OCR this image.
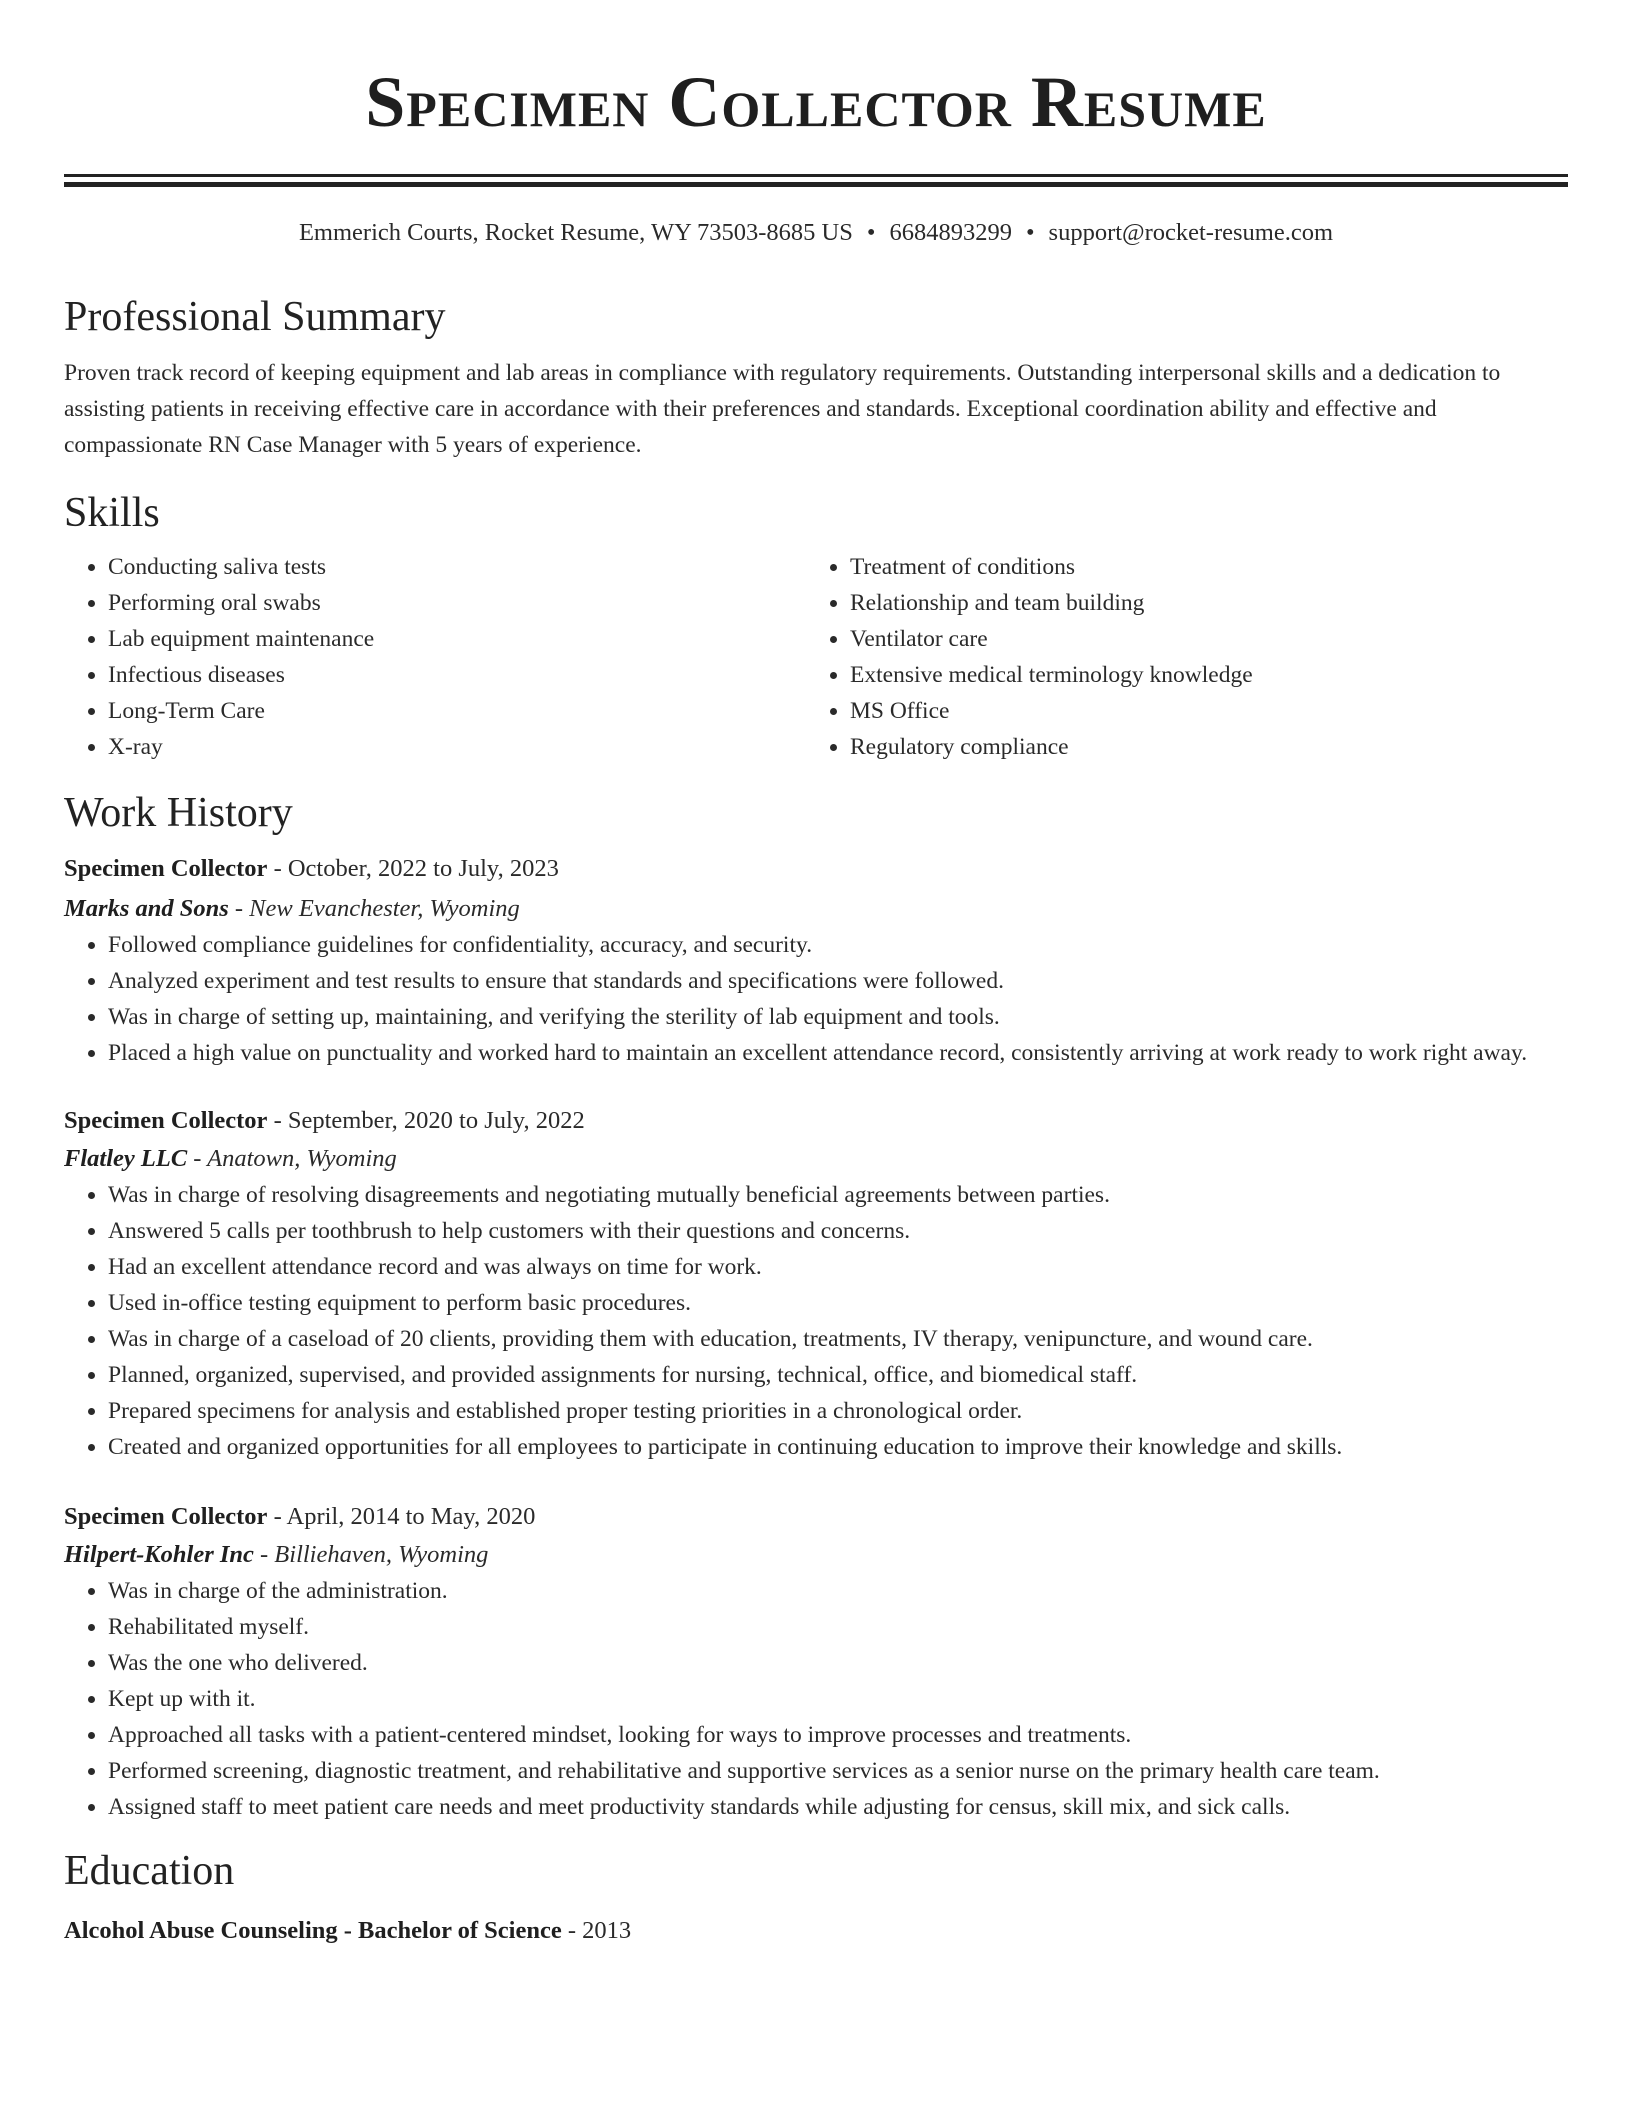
Specimen Collector Resume
Emmerich Courts, Rocket Resume, WY 73503-8685 US • 6684893299 • support@rocket-resume.com
Professional Summary

Proven track record of keeping equipment and lab areas in compliance with regulatory requirements. Outstanding interpersonal skills and a dedication to assisting patients in receiving effective care in accordance with their preferences and standards. Exceptional coordination ability and effective and compassionate RN Case Manager with 5 years of experience.

Skills
• Conducting saliva tests
• Performing oral swabs
• Lab equipment maintenance
• Infectious diseases
• Long-Term Care
• X-ray
• Treatment of conditions
• Relationship and team building
• Ventilator care
• Extensive medical terminology knowledge
• MS Office
• Regulatory compliance
Work History
Specimen Collector - October, 2022 to July, 2023
Marks and Sons - New Evanchester, Wyoming
• Followed compliance guidelines for confidentiality, accuracy, and security.
• Analyzed experiment and test results to ensure that standards and specifications were followed.
• Was in charge of setting up, maintaining, and verifying the sterility of lab equipment and tools.
• Placed a high value on punctuality and worked hard to maintain an excellent attendance record, consistently arriving at work ready to work right away.
Specimen Collector - September, 2020 to July, 2022
Flatley LLC - Anatown, Wyoming
• Was in charge of resolving disagreements and negotiating mutually beneficial agreements between parties.
• Answered 5 calls per toothbrush to help customers with their questions and concerns.
• Had an excellent attendance record and was always on time for work.
• Used in-office testing equipment to perform basic procedures.
• Was in charge of a caseload of 20 clients, providing them with education, treatments, IV therapy, venipuncture, and wound care.
• Planned, organized, supervised, and provided assignments for nursing, technical, office, and biomedical staff.
• Prepared specimens for analysis and established proper testing priorities in a chronological order.
• Created and organized opportunities for all employees to participate in continuing education to improve their knowledge and skills.
Specimen Collector - April, 2014 to May, 2020
Hilpert-Kohler Inc - Billiehaven, Wyoming
• Was in charge of the administration.
• Rehabilitated myself.
• Was the one who delivered.
• Kept up with it.
• Approached all tasks with a patient-centered mindset, looking for ways to improve processes and treatments.
• Performed screening, diagnostic treatment, and rehabilitative and supportive services as a senior nurse on the primary health care team.
• Assigned staff to meet patient care needs and meet productivity standards while adjusting for census, skill mix, and sick calls.
Education
Alcohol Abuse Counseling - Bachelor of Science - 2013
